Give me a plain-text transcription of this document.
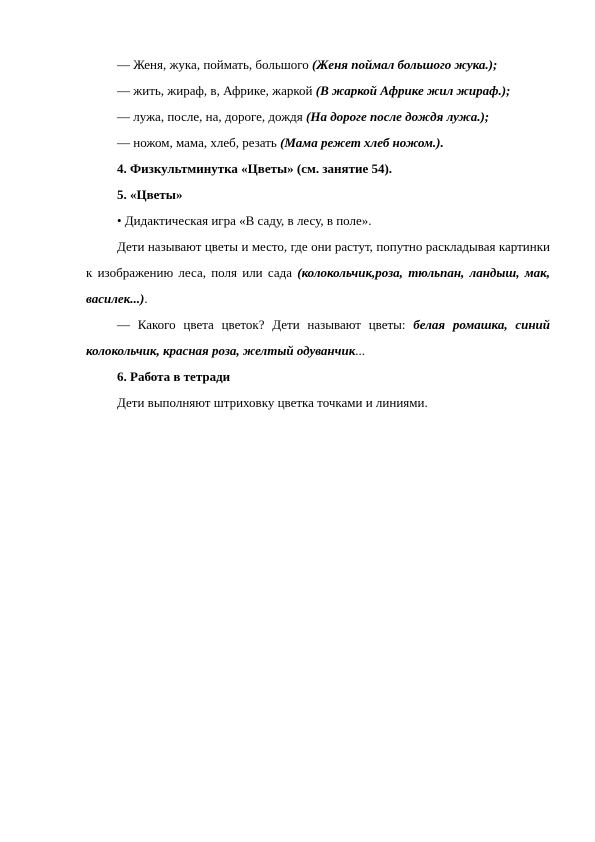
— Женя, жука, поймать, большого (Женя поймал большого жука.);

— жить, жираф, в, Африке, жаркой (В жаркой Африке жил жираф.);

— лужа, после, на, дороге, дождя (На дороге после дождя лужа.);

— ножом, мама, хлеб, резать (Мама режет хлеб ножом.).

4. Физкультминутка «Цветы» (см. занятие 54).

5. «Цветы»

• Дидактическая игра «В саду, в лесу, в поле».

Дети называют цветы и место, где они растут, попутно раскладывая картинки к изображению леса, поля или сада (колокольчик,роза, тюльпан, ландыш, мак, василек...).

— Какого цвета цветок? Дети называют цветы: белая ромашка, синий колокольчик, красная роза, желтый одуванчик...

6. Работа в тетради

Дети выполняют штриховку цветка точками и линиями.
